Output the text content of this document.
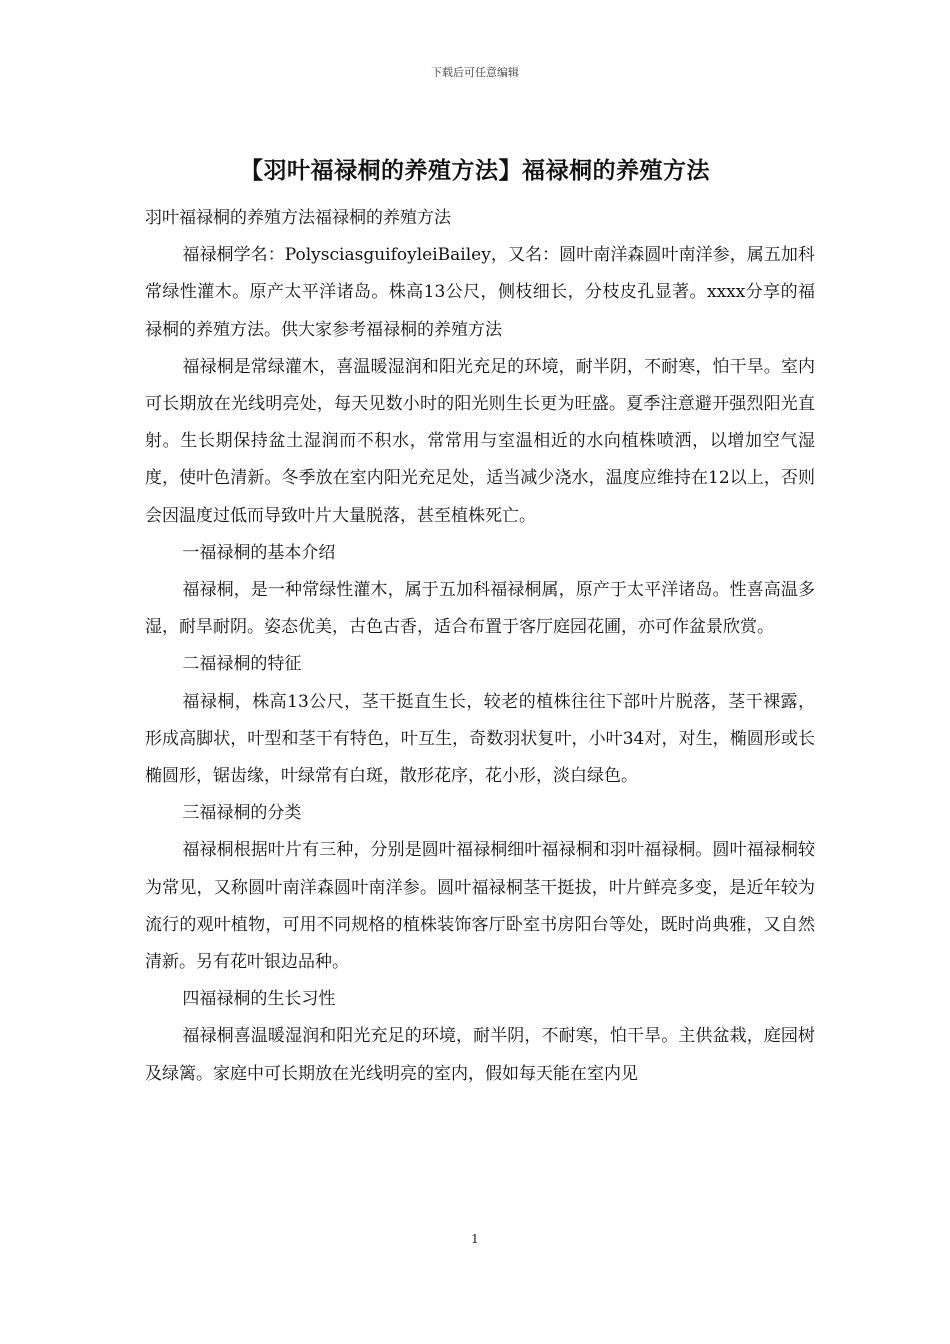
下载后可任意编辑
【羽叶福禄桐的养殖方法】福禄桐的养殖方法

羽叶福禄桐的养殖方法福禄桐的养殖方法

福禄桐学名：PolysciasguifoyleiBailey，又名：圆叶南洋森圆叶南洋参，属五加科常绿性灌木。原产太平洋诸岛。株高13公尺，侧枝细长，分枝皮孔显著。xxxx分享的福禄桐的养殖方法。供大家参考福禄桐的养殖方法

福禄桐是常绿灌木，喜温暖湿润和阳光充足的环境，耐半阴，不耐寒，怕干旱。室内可长期放在光线明亮处，每天见数小时的阳光则生长更为旺盛。夏季注意避开强烈阳光直射。生长期保持盆土湿润而不积水，常常用与室温相近的水向植株喷洒，以增加空气湿度，使叶色清新。冬季放在室内阳光充足处，适当减少浇水，温度应维持在12以上，否则会因温度过低而导致叶片大量脱落，甚至植株死亡。

一福禄桐的基本介绍

福禄桐，是一种常绿性灌木，属于五加科福禄桐属，原产于太平洋诸岛。性喜高温多湿，耐旱耐阴。姿态优美，古色古香，适合布置于客厅庭园花圃，亦可作盆景欣赏。

二福禄桐的特征

福禄桐，株高13公尺，茎干挺直生长，较老的植株往往下部叶片脱落，茎干裸露，形成高脚状，叶型和茎干有特色，叶互生，奇数羽状复叶，小叶34对，对生，椭圆形或长椭圆形，锯齿缘，叶绿常有白斑，散形花序，花小形，淡白绿色。

三福禄桐的分类

福禄桐根据叶片有三种，分别是圆叶福禄桐细叶福禄桐和羽叶福禄桐。圆叶福禄桐较为常见，又称圆叶南洋森圆叶南洋参。圆叶福禄桐茎干挺拔，叶片鲜亮多变，是近年较为流行的观叶植物，可用不同规格的植株装饰客厅卧室书房阳台等处，既时尚典雅，又自然清新。另有花叶银边品种。

四福禄桐的生长习性

福禄桐喜温暖湿润和阳光充足的环境，耐半阴，不耐寒，怕干旱。主供盆栽，庭园树及绿篱。家庭中可长期放在光线明亮的室内，假如每天能在室内见

1
